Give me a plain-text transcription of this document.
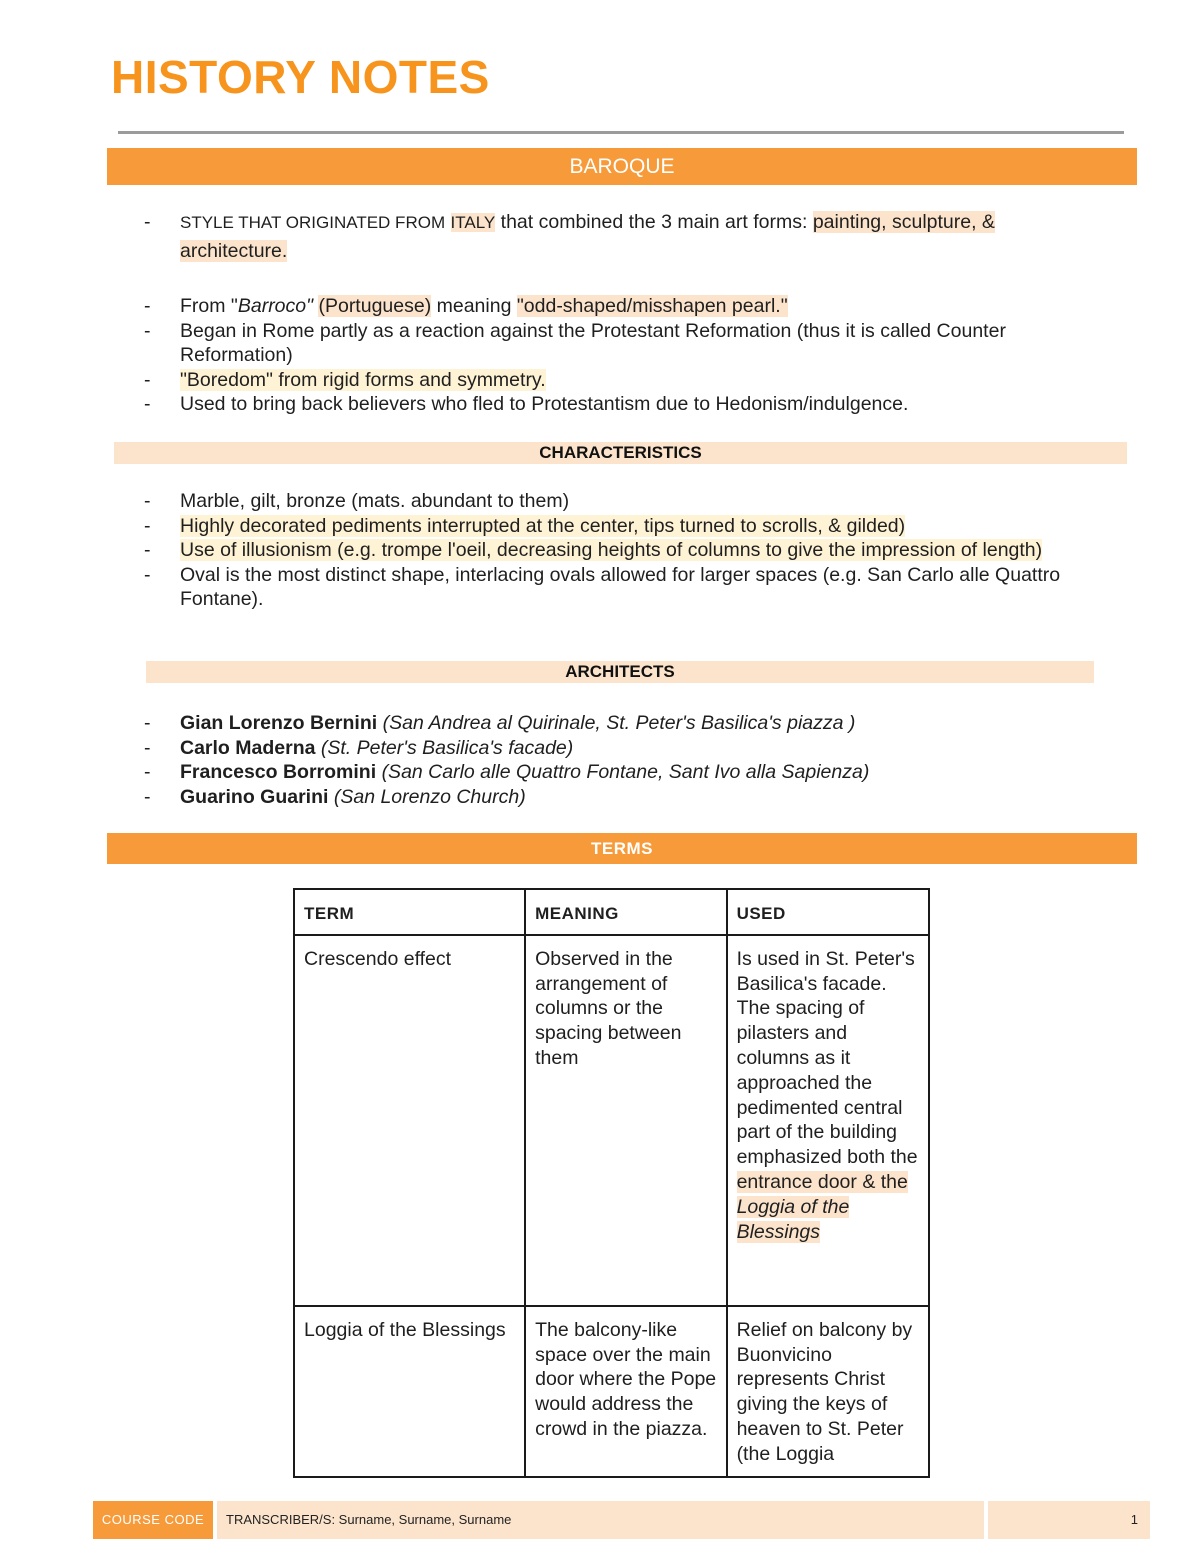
HISTORY NOTES
BAROQUE
- STYLE THAT ORIGINATED FROM ITALY that combined the 3 main art forms: painting, sculpture, & architecture.
- From "Barroco" (Portuguese) meaning "odd-shaped/misshapen pearl."
- Began in Rome partly as a reaction against the Protestant Reformation (thus it is called Counter Reformation)
- "Boredom" from rigid forms and symmetry.
- Used to bring back believers who fled to Protestantism due to Hedonism/indulgence.
CHARACTERISTICS
- Marble, gilt, bronze (mats. abundant to them)
- Highly decorated pediments interrupted at the center, tips turned to scrolls, & gilded)
- Use of illusionism (e.g. trompe l'oeil, decreasing heights of columns to give the impression of length)
- Oval is the most distinct shape, interlacing ovals allowed for larger spaces (e.g. San Carlo alle Quattro Fontane).
ARCHITECTS
- Gian Lorenzo Bernini (San Andrea al Quirinale, St. Peter's Basilica's piazza )
- Carlo Maderna (St. Peter's Basilica's facade)
- Francesco Borromini (San Carlo alle Quattro Fontane, Sant Ivo alla Sapienza)
- Guarino Guarini (San Lorenzo Church)
TERMS
TERM	MEANING	USED
Crescendo effect	Observed in the arrangement of columns or the spacing between them	Is used in St. Peter's Basilica's facade.
The spacing of pilasters and columns as it approached the pedimented central part of the building emphasized both the entrance door & the Loggia of the Blessings
Loggia of the Blessings	The balcony-like space over the main door where the Pope would address the crowd in the piazza.	Relief on balcony by Buonvicino represents Christ giving the keys of heaven to St. Peter (the Loggia
COURSE CODE	TRANSCRIBER/S: Surname, Surname, Surname	1
